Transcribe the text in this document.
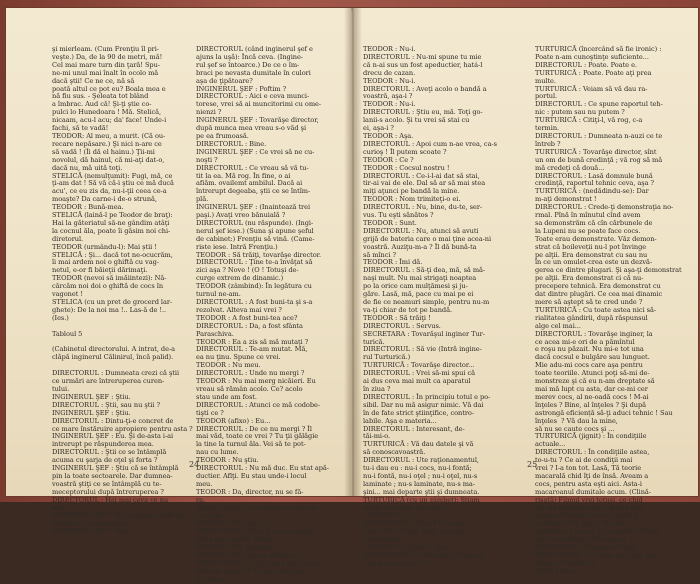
şi mierleam. (Cum Frenţiu îl pri-
veşte.) Da, de la 90 de metri, mă!
Cel mai mare turn din ţară! Spu-
ne-mi unul mai înalt în ocolo mă
dacă ştii! Ce ne ce, nă să
poată altul ce pot eu? Boala mea e
nă fiu sus. - Şeleata tot blând
a îmbrac. Aud că! Şi-ţi ştie co-
pulci lo Hunedoara ! Mă. Stelică,
nicaam, acu-l acu; da' face! Unde-i
fachi, să te vadă!
TEODOR: Al meu, a murit. (Că ou-
recare nepăsare.) Şi nici n-are ce
să vadă ! (Îi dă el hainu.) Ţii-mi
novolul, dă hainul, că mi-aţi dat-o,
dacă nu, mă uită toţi.
STELICĂ (nemulţumit): Fugi, mă, ce
ţi-am dat ! Să vă că-i ştiu ce mă ducă
acu', ce eu zis da, nu-i-ţii ceea ce-a
moaşte? Da carne-i de-o strună,
TEODOR : Bună-mea.
STELICĂ (laină-l pe Teodor de braţ):
Hai la găteriatul să-ne gândim atâţi
la cocnul ăla, poate îi găsim noi chi-
diretorul.
TEODOR (urmându-l): Mai știi !
STELICĂ : Şi... dacă tot ne-ocucrăm,
îi mai ardem noi o ghiftă cu vag-
netul, e-or fi băieţii dărimaţi.
TEODOR (nevoi să imăiintezi): Nă-
cărcăm noi doi o ghiftă de cocs în
vagonet !
STELICA (cu un pret de grocerd lar-
ghete): De la noi ma !.. Las-ă de !..
(Ies.)

Tabloul 5

(Cabinetul directorului. A intrat, de-a
clăpă inginerul Călinirul, încă palid).

DIRECTORUL : Dumneata crezi că ştii
ce urmări are întreruperea curen-
tului.
INGINERUL ŞEF : Ştiu.
DIRECTORUL : Ştii, sau nu ştii ?
INGINERUL ŞEF : Ştiu.
DIRECTORUL : Dintu-ţi-e concret de
ce mare înstăruire apropiere pentru asta ?
INGINERUL ŞEF : Eu. Şi de-asta i-ai
intrerupt pe răspunderea mea.
DIRECTORUL : Ştii ce se întâmplă
acuma cu şarja de oţel şi forta ?
INGINERUL ŞEF : Ştiu că se întâmplă
pin la toate sectoarele. Dar dumnea-
voastră ştiţi ce se întâmplă cu te-
meceptorului după întreruperea ?
DIRECTORUL : Hai mai ceva ce nu
mine ?
INGINERUL ŞEF : Nu. Astepit verificare
turbinei şi a cazanului.
INGINERUL ŞEF : Bine.
DIRECTORUL (când inginerul şef e
ajuns la uşă): Încă ceva. (Ingine-
rul şef se întoarce.) De ce o îm-
braci pe nevasta dumitale în culori
aşa de ţipătoare?
INGINERUL ŞEF : Poftim ?
DIRECTORUL : Aici e ceva munci-
torese, vrei să ai muncitorimi cu ome-
nienzi ?
INGINERUL ŞEF : Tovarăşe director,
după munca mea vreau s-o văd şi
pe ea frumoasă.
DIRECTORUL : Bine.
INGINERUL ŞEF : Ce vrei să ne cu-
noşti ?
DIRECTORUL : Ce vreau să vă tu-
tit la ea. Mă rog. În fine, o ai
afiăm. ovailemt ambilul. Dacă ai
întrerupt degeaba, ştii ce se întîm-
plă.
INGINERUL ŞEF : (Inaintează trei
paşi.) Avaţi vreo bănuială ?
DIRECTORUL (nu răspunde). (Ingi-
nerul şef iese.) (Suna şi apune şeful
de cabinet:) Frenţiu să vină. (Came-
riste iese. Intră Frenţiu.)
TEODOR : Să trăiţi, tovarăşe director.
DIRECTORUL : Ţine te-a învăţat să
zici aşa ? Nove ! (O ! Totuşi de-
curge extrem de dinamic.)
TEODOR (zâmbind): În legătura cu
turnul ne-am.
DIRECTORUL : A fost buni-ta şi s-a
rezolvat. Alteva mai vrei ?
TEODOR : A fost buni-tea ace?
DIRECTORUL : Da, a fost sfânta
Paraschiva.
TEODOR : Ea a zis să mă mutaţi ?
DIRECTORUL : Te-am mutat. Mă,
ea nu ţinu. Spune ce vrei.
TEODOR : Nu meu.
DIRECTORUL : Unde nu mergi ?
TEODOR : Nu mai merg nicăieri. Eu
vreau să rămân acolo. Ce? acolo
stau unde am fost.
DIRECTORUL : Atunci ce mă codobe-
tişti ce ?
TEODOR (afixo) : Eu...
DIRECTORUL : De ce nu mergi ? Îl
mai văd, toate ce vrei ? Tu ţii gălăgie
la tine la turnul ăla. Vei să te pot-
nau cu lume.
TEODOR : Nu ştiu.
DIRECTORUL : Nu mă duc. Eu stat apă-
ductier. Aflţi. Eu stau unde-i locul
meu.
TEODOR : Da, director, nu se fă-
ra.
DIRECTORUL : Nu meşte cu totul sa
cu gripa ?
TEODOR : Nu vreţi ?
DIRECTORUL : Hai că te mai unde-i
mătă mai binele. Merşi ?
TEODOR : Nu, glumesc.
TEODOR : Nici eu nu glumesc.
DIRECTORUL : Ce-ţi place ţie, mă, la
băterile acelea ? Îi prea cald pen-
tru tine.
24
TEODOR : Nu-i.
DIRECTORUL : Nu-mi spune tu mie
că n-ai sus un fost apeductier, hatá-l
drecu de cazan.
TEODOR : Nu-i.
DIRECTORUL : Aveţi acolo o bandă a
voastră, aşa-i ?
TEODOR : Nu-i.
DIRECTORUL : Ştiu eu, mă. Toţi go-
lanii-s acolo. Şi tu vrei să stai cu
ei, aşa-i ?
TEODOR : Aşa.
DIRECTORUL : Apoi cum n-ae vrea, ca-s
curioş ! Îl putem scoate ?
TEODOR : Ce ?
TEODOR : Cocsul nostru !
DIRECTORUL : Ce-i-l-ai dat să stai,
tir-ai vai de ele. Dal să ar să mai stea
miţi aţunci pe bandă la mine.
TEODOR : Nom trimiteţi-o ei.
DIRECTORUL : Nu, bine, du-te, ser-
vus. Tu eşti sănătos ?
TEODOR : Sunt.
DIRECTORUL : Nu, atunci să avuti
grijă de bateria care o mai ţine acea-ni
voastră. Auziţu-m-a ? Îl dă bună-ta
să mînci ?
TEODOR : Îmi dă.
DIRECTORUL : Să-ţi dea, mă, să mă-
naşi mult. Nu mai strigaţi noaptea
po la orice cam mulţămesi şi ju-
găre. Lasă, mă, pace cu mai pe ei
de fie ce neamuri simple, pentru nu-m
va-ţi chiar de tot pe bandă.
TEODOR : Să trăiţi !
DIRECTORUL : Servus.
SECRETARA : Tovarăşul inginer Tur-
turică.
DIRECTORUL : Să vie (Intră ingine-
rul Turturică.)
TURTURICĂ : Tovarăşe director...
DIRECTORUL : Vrei să-mi spui că
ai dus ceva mai mult ca aparatul
în ziua ?
DIRECTORUL : În principiu totul e po-
sibil. Dar nu mă asigur nimic. Vă dai
în de fate strict ştiinţifice, contro-
labile. Aşa e materia...
DIRECTORUL : Interesant, de-
tăi-mi-o.
TURTURICĂ : Vă dau datele şi vă
să conoscavoastră.
DIRECTORUL : Ute raţionamentul,
tu-i dau eu : nu-i cocs, nu-i fontă;
nu-i fontă, nu-i oţel ; nu-i oţel, nu-s
laminate ; nu-s laminate, nu-s ma-
şini... mai departe ştii şi dumneata.
TURTURICĂ (cu un zâmbet): Ştiam
şi aşa, tovarăşe director...
TURTURICĂ : Ce ?
DIRECTORUL : Ce e ? N-ai cor-
ţiine ? Nu ! Aveţi dacă, voi alge-
briştii ăştia...
TURTURICĂ (jignit) : Am.
DIRECTORUL (cu intenţie) : Pune că
totuşi n-ai ceva. Ce ?
TURTURICĂ (încercând să fie ironic) :
Poate n-am cunoştinţe suficiente...
DIRECTORUL : Poate. Poate e.
TURTURICĂ : Poate. Poate aţi prea
multe.
TURTURICĂ : Veiam să vă dau ra-
portul.
DIRECTORUL : Ce spune raportul teh-
nic : putem sau nu putem ?
TURTURICĂ : Citiţi-l, vă rog, c-a
termin.
DIRECTORUL : Dumneata n-auzi ce te
întreb ?
TURTURICĂ : Tovarăşe director, sînt
un om de bună credinţă ; vă rog să mă
mă credeţi că două...
DIRECTORUL : Lasă domnule bună
credinţă, raportul tehnic ceva, aşa ?
TURTURICĂ : (nedădindu-se): Dar
m-aţi demonstrat !
DIRECTORUL : Crede-ţi demonstraţia no-
rmal. Pînă în mînutul cînd avem
sa demonstrăm că cîn cărbunele de
la Lupeni nu se poate face cocs.
Toate erau demonstrate. Văz demon-
strat că boileveții nu-l pot învinge
pe alţii. Era demonstrat cu sau nu
în ce un omulet-crea este un dezvă-
gerea ce dintre plugari. Şi aşa-ţi demonstrat
pe alţii. Era demonstrat ci că nu-
precepere tehnică. Era demonstrat cu
dat dintre plugări. Ce cea mai dinamic
mere să aştept să te cred unde ?
TURTURICĂ : Cu toate astea nici să-
rialitatea gândirii, după răspunsul
alge cel mai...
DIRECTORUL : Tovarăşe inginer, la
ce acea mi-e ori de a pămîntul
e roşu nu păzait. Nu mi-e tot una
dacă cocsul e bulgăre sau lunguet.
Mie adu-mi cocs care aşa pentru
toate teoriile. Atunci poţi să-mi de-
monstreze şi că eu n-am dreptate să
mai mă lupt cu asta, dar ce-mi cer
merev cocs, al ne-oadă cocs ! M-ai
înţeles ? Bine, al înţeles ? Şi după
astrongă eficiență să-ţi aduci tehnic ! Sau
înţeles  ? Vă dau la mine,
să nu se caute cocs şi ...
TURTURICĂ (jignit) : În condiţiile
actuale...
DIRECTORUL : În condiţiile astea,
to-u-tu ? Ce ai de condiţii mai
vrei ? I-a ton tot. Lasă, Tă teorie
macarală chid îţi de însă. Aveam a
cocs, pentru asta eşti aici. Asta-i
macaroanul dumitale acum. (Clină-
risată) Filmul vrei totuşi, ce chid
coi ale politicii mare ? Parcă vezi
acuma. Numărul în tot jucată-ţi
să hmari. Vei  care.  Nu ştii
rezolvat-o ! Unu-e. S-o repede ! (Sună
şefe de cabinet.) Cine mai e ?
SECRETARA : Tovarăşul Urlea.
DIRECTORUL : Trebuia să-l bagi îna-
intea lui Turturică.
(Intră Urlea.)
25
